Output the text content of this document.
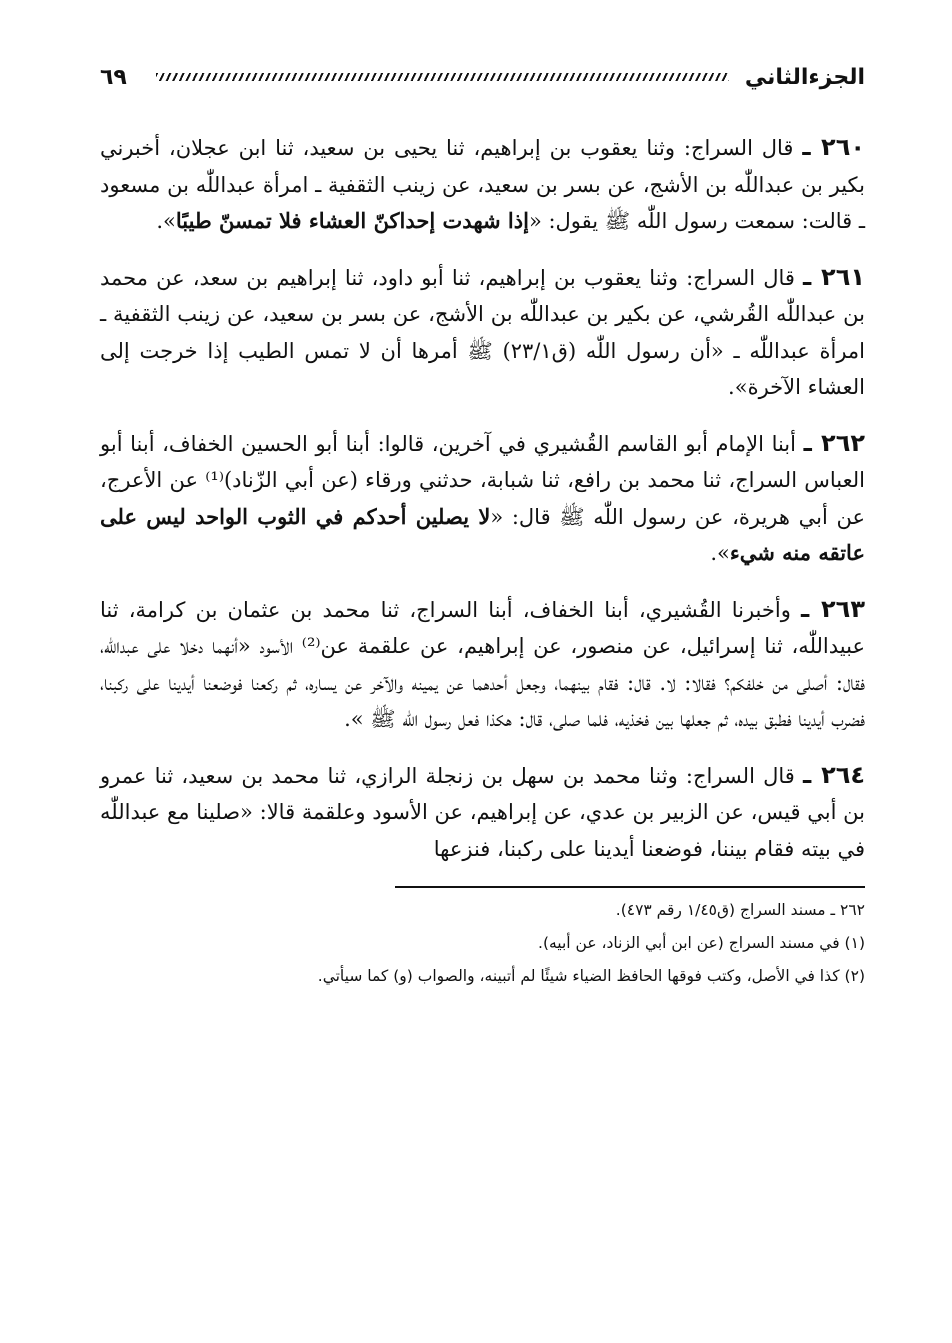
الجزءالثاني
٦٩

٢٦٠ ـ قال السراج: وثنا يعقوب بن إبراهيم، ثنا يحيى بن سعيد، ثنا ابن عجلان، أخبرني بكير بن عبداللّٰه بن الأشج، عن بسر بن سعيد، عن زينب الثقفية ـ امرأة عبداللّٰه بن مسعود ـ قالت: سمعت رسول اللّٰه ﷺ يقول: «إذا شهدت إحداكنّ العشاء فلا تمسنّ طيبًا».

٢٦١ ـ قال السراج: وثنا يعقوب بن إبراهيم، ثنا أبو داود، ثنا إبراهيم بن سعد، عن محمد بن عبداللّٰه القُرشي، عن بكير بن عبداللّٰه بن الأشج، عن بسر بن سعيد، عن زينب الثقفية ـ امرأة عبداللّٰه ـ «أن رسول اللّٰه (ق٢٣/١) ﷺ أمرها أن لا تمس الطيب إذا خرجت إلى العشاء الآخرة».

٢٦٢ ـ أبنا الإمام أبو القاسم القُشيري في آخرين، قالوا: أبنا أبو الحسين الخفاف، أبنا أبو العباس السراج، ثنا محمد بن رافع، ثنا شبابة، حدثني ورقاء (عن أبي الزّناد)⁽¹⁾ عن الأعرج، عن أبي هريرة، عن رسول اللّٰه ﷺ قال: «لا يصلين أحدكم في الثوب الواحد ليس على عاتقه منه شيء».

٢٦٣ ـ وأخبرنا القُشيري، أبنا الخفاف، أبنا السراج، ثنا محمد بن عثمان بن كرامة، ثنا عبيداللّٰه، ثنا إسرائيل، عن منصور، عن إبراهيم، عن علقمة عن⁽²⁾ الأسود «أنهما دخلا على عبداللّٰه، فقال: أصلى من خلفكم؟ فقالا: لا. قال: فقام بينهما، وجعل أحدهما عن يمينه والآخر عن يساره، ثم ركعنا فوضعنا أيدينا على ركبنا، فضرب أيدينا فطبق بيده، ثم جعلها بين فخذيه، فلما صلى، قال: هكذا فعل رسول اللّٰه ﷺ ».

٢٦٤ ـ قال السراج: وثنا محمد بن سهل بن زنجلة الرازي، ثنا محمد بن سعيد، ثنا عمرو بن أبي قيس، عن الزبير بن عدي، عن إبراهيم، عن الأسود وعلقمة قالا: «صلينا مع عبداللّٰه في بيته فقام بيننا، فوضعنا أيدينا على ركبنا، فنزعها

٢٦٢ ـ مسند السراج (ق١/٤٥ رقم ٤٧٣).
(١) في مسند السراج (عن ابن أبي الزناد، عن أبيه).
(٢) كذا في الأصل، وكتب فوقها الحافظ الضياء شيئًا لم أتبينه، والصواب (و) كما سيأتي.
